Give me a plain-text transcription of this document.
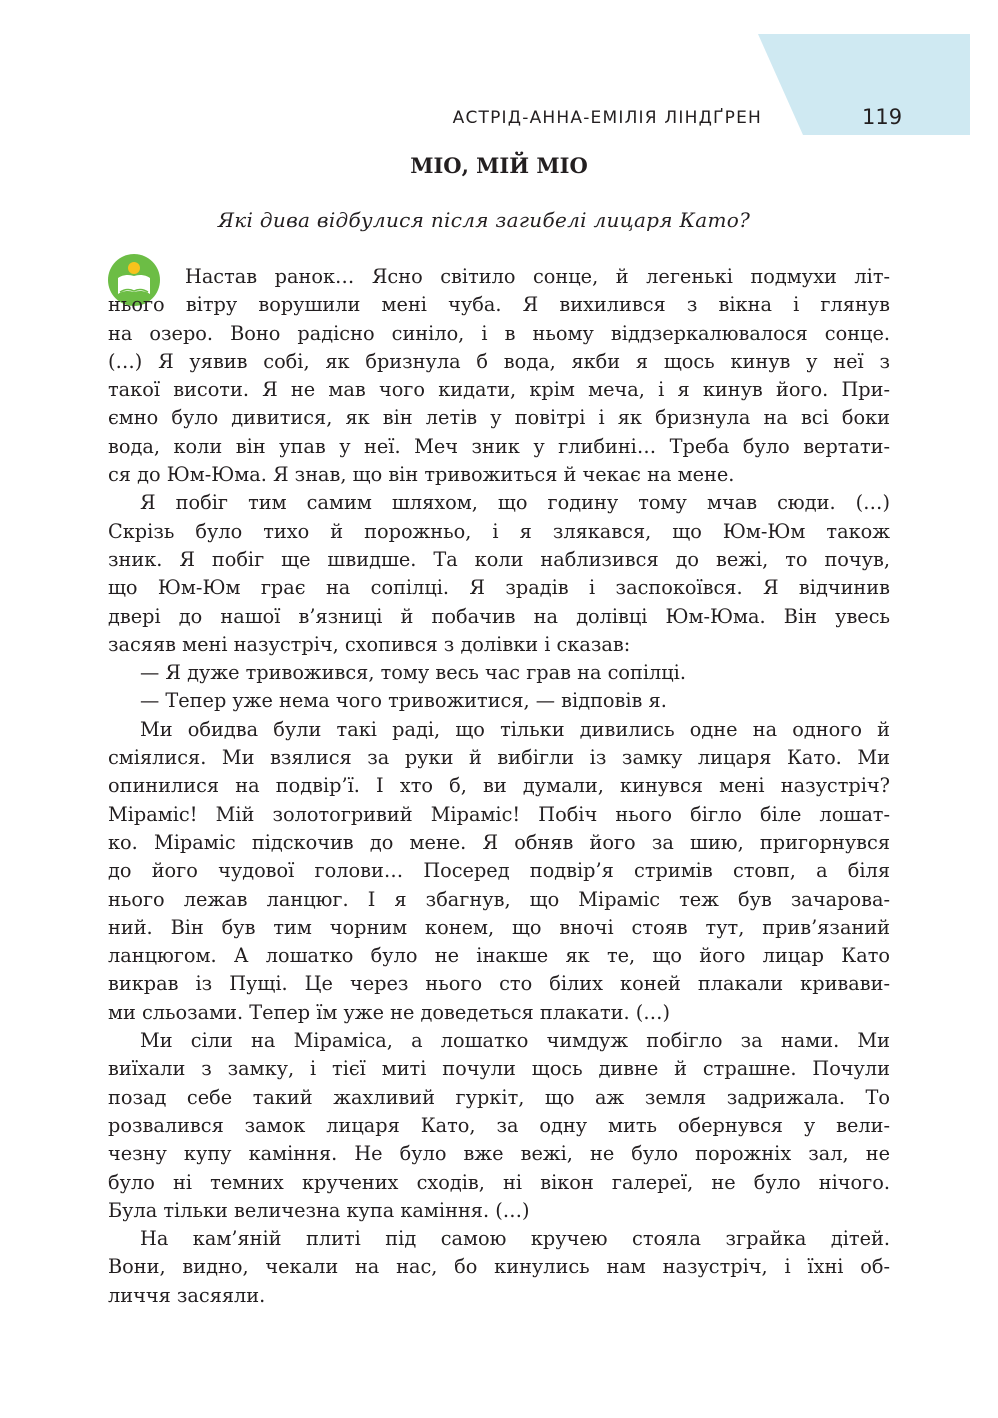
АСТРІД-АННА-ЕМІЛІЯ ЛІНДҐРЕН	119
МІО, МІЙ МІО
Які дива відбулися після загибелі лицаря Като?
Настав ранок… Ясно світило сонце, й легенькі подмухи літ-
нього вітру ворушили мені чуба. Я вихилився з вікна і глянув
на озеро. Воно радісно синіло, і в ньому віддзеркалювалося сонце.
(…) Я уявив собі, як бризнула б вода, якби я щось кинув у неї з
такої висоти. Я не мав чого кидати, крім меча, і я кинув його. При-
ємно було дивитися, як він летів у повітрі і як бризнула на всі боки
вода, коли він упав у неї. Меч зник у глибині… Треба було вертати-
ся до Юм-Юма. Я знав, що він тривожиться й чекає на мене.
Я побіг тим самим шляхом, що годину тому мчав сюди. (…)
Скрізь було тихо й порожньо, і я злякався, що Юм-Юм також
зник. Я побіг ще швидше. Та коли наблизився до вежі, то почув,
що Юм-Юм грає на сопілці. Я зрадів і заспокоївся. Я відчинив
двері до нашої в’язниці й побачив на долівці Юм-Юма. Він увесь
засяяв мені назустріч, схопився з долівки і сказав:
— Я дуже тривожився, тому весь час грав на сопілці.
— Тепер уже нема чого тривожитися, — відповів я.
Ми обидва були такі раді, що тільки дивились одне на одного й
сміялися. Ми взялися за руки й вибігли із замку лицаря Като. Ми
опинилися на подвір’ї. І хто б, ви думали, кинувся мені назустріч?
Мірамic! Мій золотогривий Мірамic! Побіч нього бігло біле лошат-
ко. Мірамic підскочив до мене. Я обняв його за шию, пригорнувся
до його чудової голови… Посеред подвір’я стримів стовп, а біля
нього лежав ланцюг. І я збагнув, що Мірамic теж був зачарова-
ний. Він був тим чорним конем, що вночі стояв тут, прив’язаний
ланцюгом. А лошатко було не інакше як те, що його лицар Като
викрав із Пущі. Це через нього сто білих коней плакали кривави-
ми сльозами. Тепер їм уже не доведеться плакати. (…)
Ми сіли на Мірамicа, а лошатко чимдуж побігло за нами. Ми
виїхали з замку, і тієї миті почули щось дивне й страшне. Почули
позад себе такий жахливий гуркіт, що аж земля задрижала. То
розвалився замок лицаря Като, за одну мить обернувся у вели-
чезну купу каміння. Не було вже вежі, не було порожніх зал, не
було ні темних кручених сходів, ні вікон галереї, не було нічого.
Була тільки величезна купа каміння. (…)
На кам’яній плиті під самою кручею стояла зграйка дітей.
Вони, видно, чекали на нас, бо кинулись нам назустріч, і їхні об-
личчя засяяли.
